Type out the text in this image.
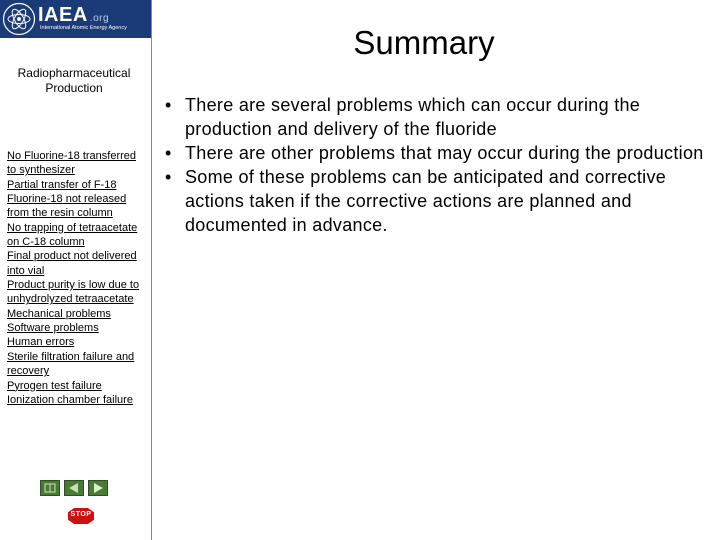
IAEA .org
International Atomic Energy Agency
Radiopharmaceutical
Production
No Fluorine-18 transferred to synthesizer
Partial transfer of F-18
Fluorine-18 not released from the resin column
No trapping of tetraacetate on C-18 column
Final product not delivered into vial
Product purity is low due to unhydrolyzed tetraacetate
Mechanical problems
Software problems
Human errors
Sterile filtration failure and recovery
Pyrogen test failure
Ionization chamber failure
STOP
Summary
• There are several problems which can occur during the production and delivery of the fluoride
• There are other problems that may occur during the production
• Some of these problems can be anticipated and corrective actions taken if the corrective actions are planned and documented in advance.
